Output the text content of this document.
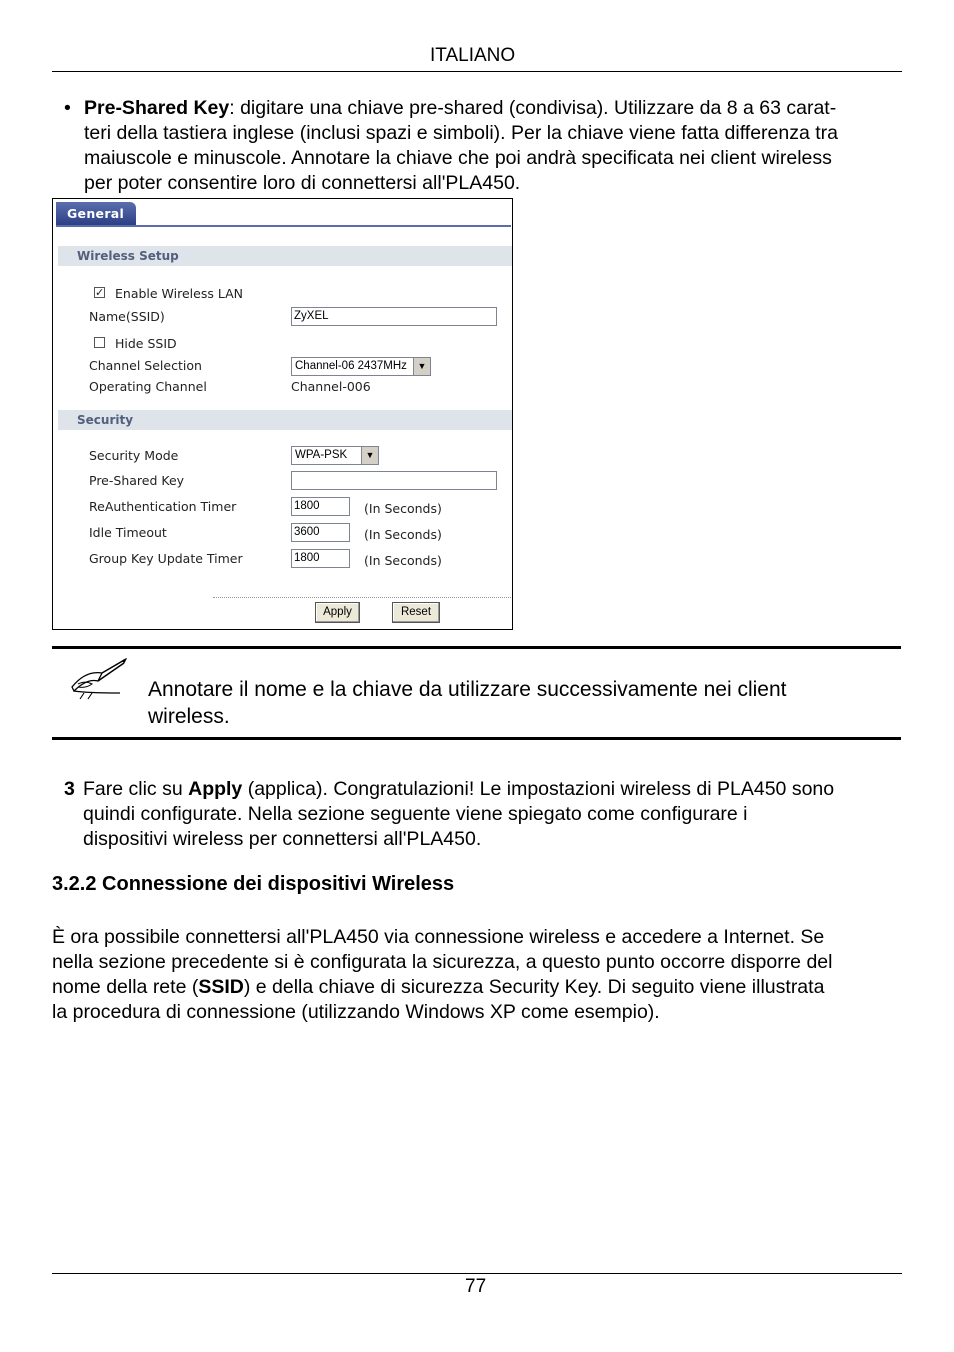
ITALIANO
• Pre-Shared Key: digitare una chiave pre-shared (condivisa). Utilizzare da 8 a 63 carat-
teri della tastiera inglese (inclusi spazi e simboli). Per la chiave viene fatta differenza tra
maiuscole e minuscole. Annotare la chiave che poi andrà specificata nei client wireless
per poter consentire loro di connettersi all'PLA450.
General
Wireless Setup
✓ Enable Wireless LAN
Name(SSID)	ZyXEL
Hide SSID
Channel Selection	Channel-06 2437MHz	▼
Operating Channel	Channel-006
Security
Security Mode	WPA-PSK	▼
Pre-Shared Key
ReAuthentication Timer	1800	(In Seconds)
Idle Timeout	3600	(In Seconds)
Group Key Update Timer	1800	(In Seconds)
Apply	Reset
Annotare il nome e la chiave da utilizzare successivamente nei client
wireless.
3 Fare clic su Apply (applica). Congratulazioni! Le impostazioni wireless di PLA450 sono
quindi configurate. Nella sezione seguente viene spiegato come configurare i
dispositivi wireless per connettersi all'PLA450.
3.2.2 Connessione dei dispositivi Wireless
È ora possibile connettersi all'PLA450 via connessione wireless e accedere a Internet. Se
nella sezione precedente si è configurata la sicurezza, a questo punto occorre disporre del
nome della rete (SSID) e della chiave di sicurezza Security Key. Di seguito viene illustrata
la procedura di connessione (utilizzando Windows XP come esempio).
77
